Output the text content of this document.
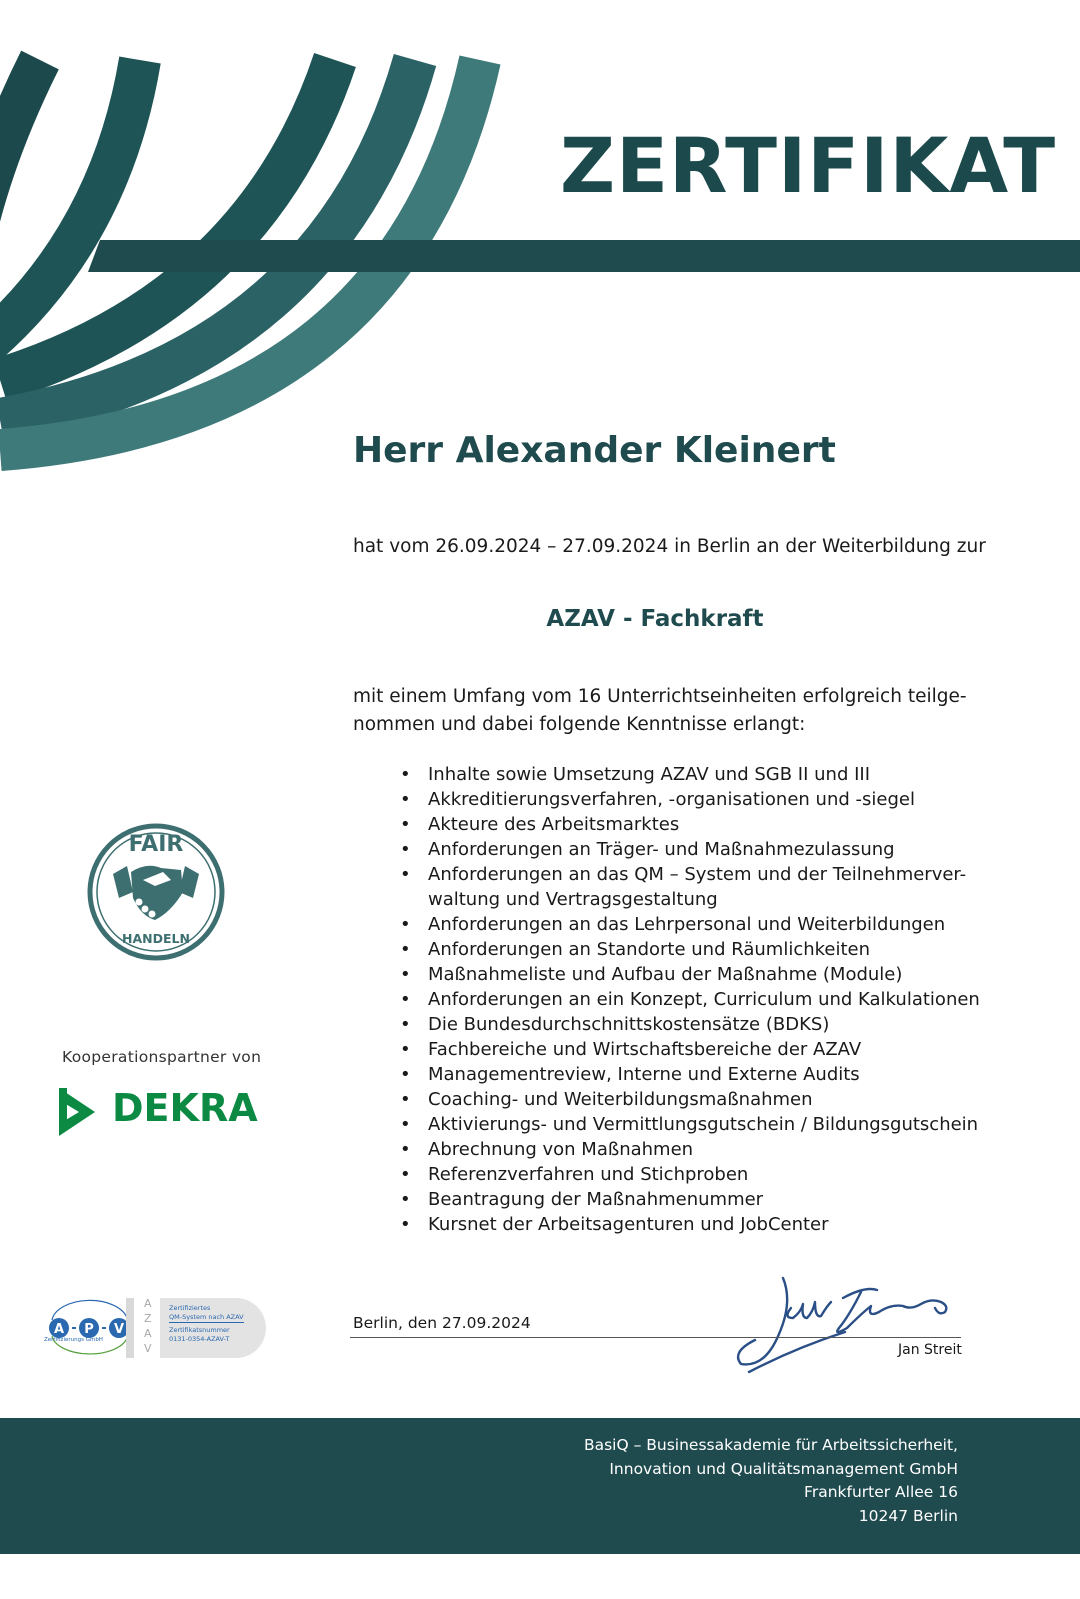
ZERTIFIKAT
Herr Alexander Kleinert
hat vom 26.09.2024 – 27.09.2024 in Berlin an der Weiterbildung zur
AZAV - Fachkraft
mit einem Umfang vom 16 Unterrichtseinheiten erfolgreich teilge-
nommen und dabei folgende Kenntnisse erlangt:
• Inhalte sowie Umsetzung AZAV und SGB II und III
• Akkreditierungsverfahren, -organisationen und -siegel
• Akteure des Arbeitsmarktes
• Anforderungen an Träger- und Maßnahmezulassung
• Anforderungen an das QM – System und der Teilnehmerver-
waltung und Vertragsgestaltung
• Anforderungen an das Lehrpersonal und Weiterbildungen
• Anforderungen an Standorte und Räumlichkeiten
• Maßnahmeliste und Aufbau der Maßnahme (Module)
• Anforderungen an ein Konzept, Curriculum und Kalkulationen
• Die Bundesdurchschnittskostensätze (BDKS)
• Fachbereiche und Wirtschaftsbereiche der AZAV
• Managementreview, Interne und Externe Audits
• Coaching- und Weiterbildungsmaßnahmen
• Aktivierungs- und Vermittlungsgutschein / Bildungsgutschein
• Abrechnung von Maßnahmen
• Referenzverfahren und Stichproben
• Beantragung der Maßnahmenummer
• Kursnet der Arbeitsagenturen und JobCenter
FAIR
HANDELN
Kooperationspartner von
DEKRA
A P V
Zertifizierungs GmbH
A
Z
A
V
Zertifiziertes
QM-System nach AZAV
Zertifikatsnummer
0131-0354-AZAV-T
Berlin, den 27.09.2024
Jan Streit
BasiQ – Businessakademie für Arbeitssicherheit,
Innovation und Qualitätsmanagement GmbH
Frankfurter Allee 16
10247 Berlin
